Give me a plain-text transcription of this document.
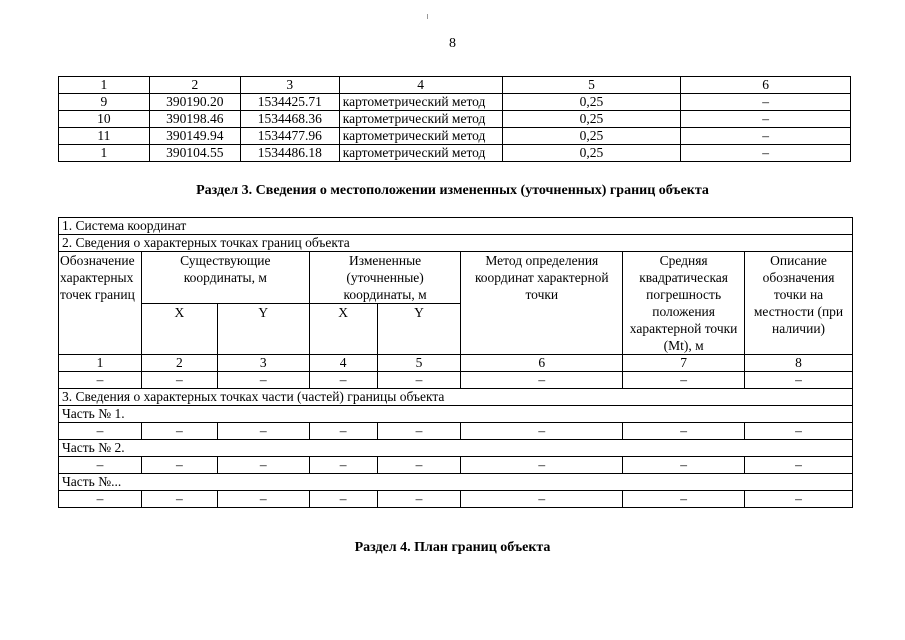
8
1	2	3	4	5	6
9	390190.20	1534425.71	картометрический метод	0,25	–
10	390198.46	1534468.36	картометрический метод	0,25	–
11	390149.94	1534477.96	картометрический метод	0,25	–
1	390104.55	1534486.18	картометрический метод	0,25	–
Раздел 3. Сведения о местоположении измененных (уточненных) границ объекта
1. Система координат							
2. Сведения о характерных точках границ объекта							
Обозначение характерных точек границ	Существующие координаты, м		Измененные (уточненные) координаты, м		Метод определения координат характерной точки	Средняя квадратическая погрешность положения характерной точки (Mt), м	Описание обозначения точки на местности (при наличии)
	X	Y	X	Y			
1	2	3	4	5	6	7	8
–	–	–	–	–	–	–	–
3. Сведения о характерных точках части (частей) границы объекта							
Часть № 1.							
–	–	–	–	–	–	–	–
Часть № 2.							
–	–	–	–	–	–	–	–
Часть №...							
–	–	–	–	–	–	–	–
Раздел 4. План границ объекта
